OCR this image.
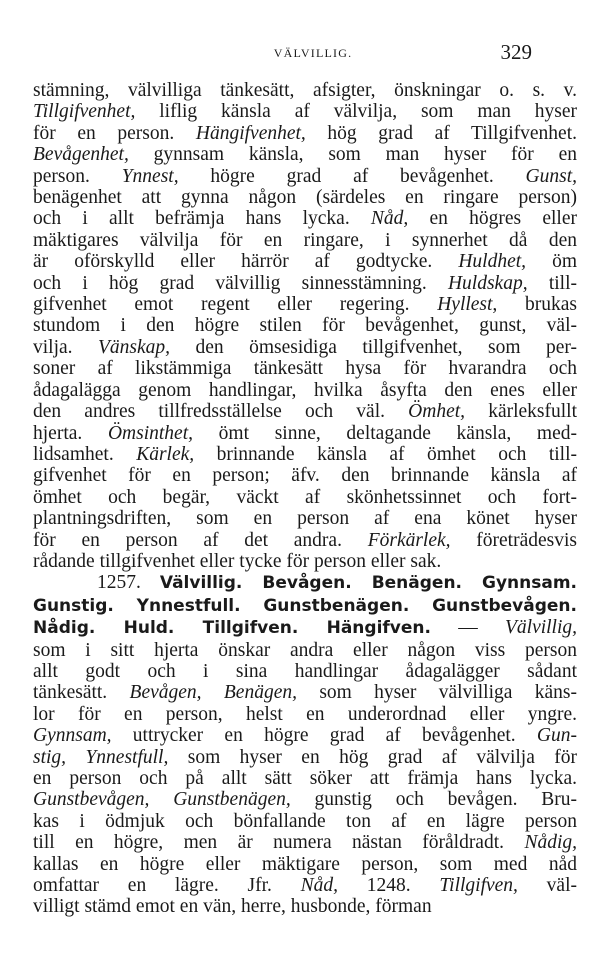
VÄLVILLIG.	329
stämning, välvilliga tänkesätt, afsigter, önskningar o. s. v.
Tillgifvenhet, liflig känsla af välvilja, som man hyser
för en person. Hängifvenhet, hög grad af Tillgifvenhet.
Bevågenhet, gynnsam känsla, som man hyser för en
person. Ynnest, högre grad af bevågenhet. Gunst,
benägenhet att gynna någon (särdeles en ringare person)
och i allt befrämja hans lycka. Nåd, en högres eller
mäktigares välvilja för en ringare, i synnerhet då den
är oförskylld eller härrör af godtycke. Huldhet, öm
och i hög grad välvillig sinnesstämning. Huldskap, till-
gifvenhet emot regent eller regering. Hyllest, brukas
stundom i den högre stilen för bevågenhet, gunst, väl-
vilja. Vänskap, den ömsesidiga tillgifvenhet, som per-
soner af likstämmiga tänkesätt hysa för hvarandra och
ådagalägga genom handlingar, hvilka åsyfta den enes eller
den andres tillfredsställelse och väl. Ömhet, kärleksfullt
hjerta. Ömsinthet, ömt sinne, deltagande känsla, med-
lidsamhet. Kärlek, brinnande känsla af ömhet och till-
gifvenhet för en person; äfv. den brinnande känsla af
ömhet och begär, väckt af skönhetssinnet och fort-
plantningsdriften, som en person af ena könet hyser
för en person af det andra. Förkärlek, företrädesvis
rådande tillgifvenhet eller tycke för person eller sak.
1257. Välvillig. Bevågen. Benägen. Gynnsam.
Gunstig. Ynnestfull. Gunstbenägen. Gunstbevågen.
Nådig. Huld. Tillgifven. Hängifven. — Välvillig,
som i sitt hjerta önskar andra eller någon viss person
allt godt och i sina handlingar ådagalägger sådant
tänkesätt. Bevågen, Benägen, som hyser välvilliga käns-
lor för en person, helst en underordnad eller yngre.
Gynnsam, uttrycker en högre grad af bevågenhet. Gun-
stig, Ynnestfull, som hyser en hög grad af välvilja för
en person och på allt sätt söker att främja hans lycka.
Gunstbevågen, Gunstbenägen, gunstig och bevågen. Bru-
kas i ödmjuk och bönfallande ton af en lägre person
till en högre, men är numera nästan föråldradt. Nådig,
kallas en högre eller mäktigare person, som med nåd
omfattar en lägre. Jfr. Nåd, 1248. Tillgifven, väl-
villigt stämd emot en vän, herre, husbonde, förman
